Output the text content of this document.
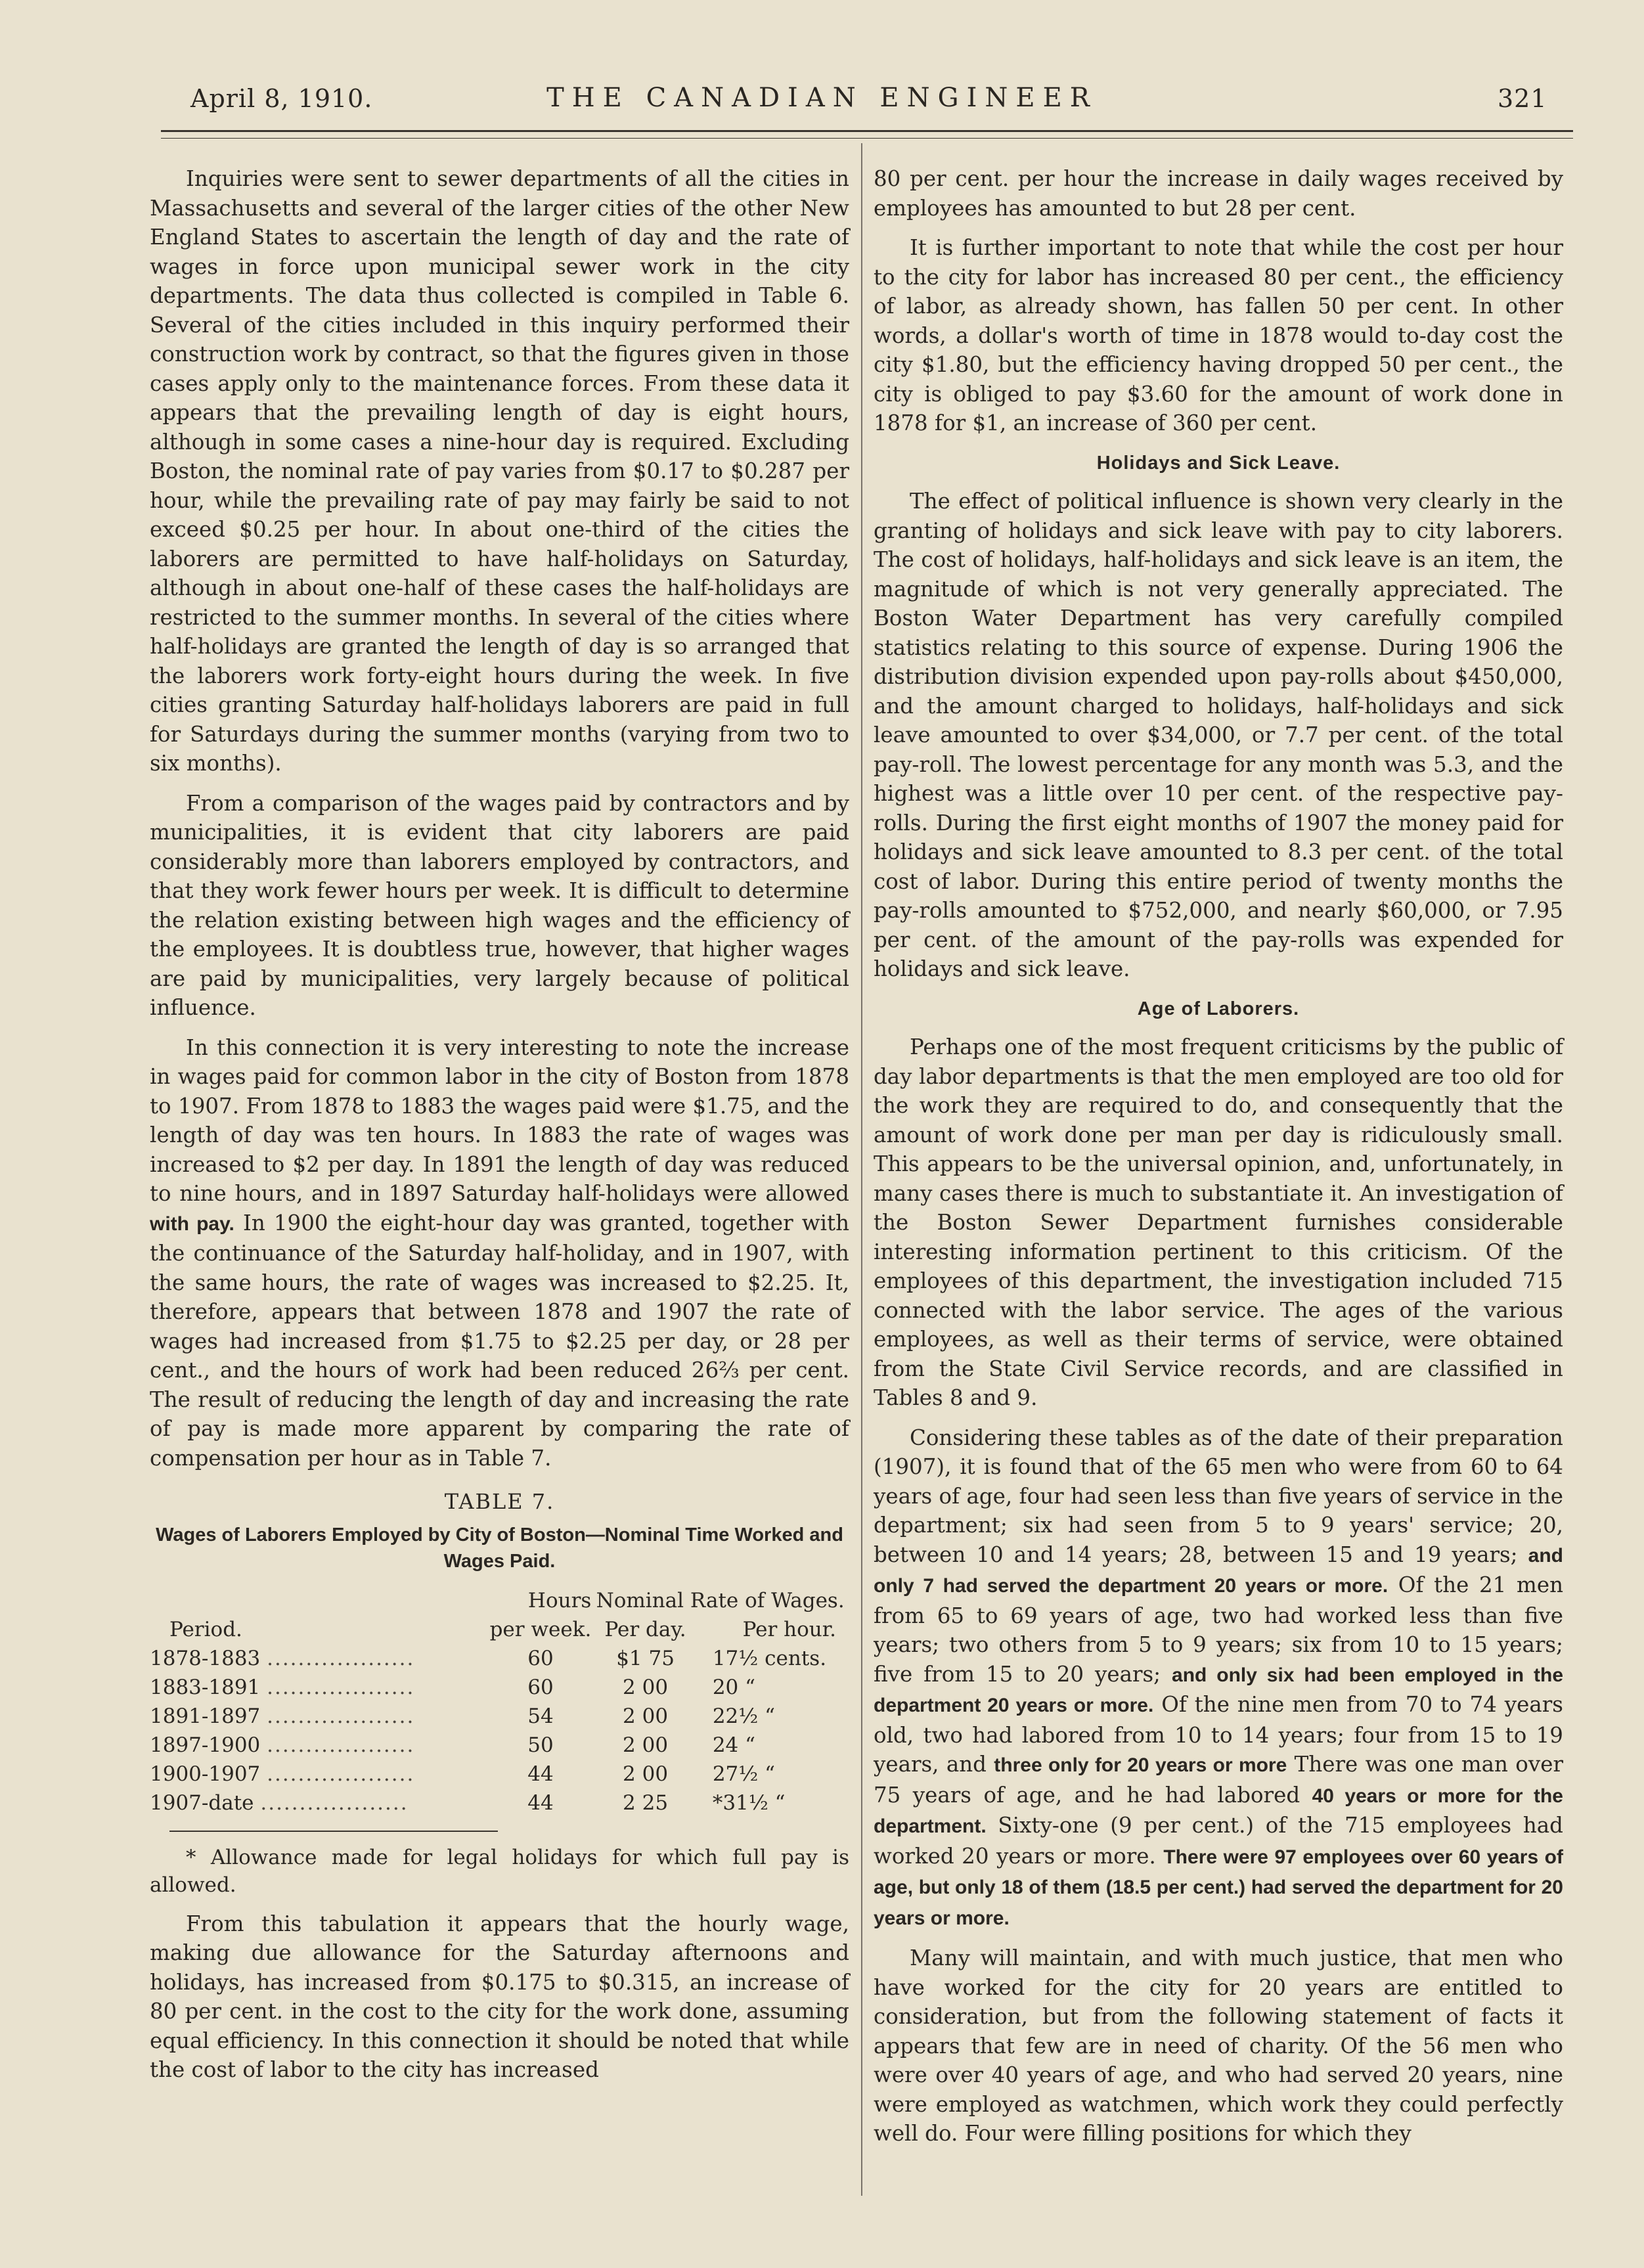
April 8, 1910.	THE CANADIAN ENGINEER	321

Inquiries were sent to sewer departments of all the cities in Massachusetts and several of the larger cities of the other New England States to ascertain the length of day and the rate of wages in force upon municipal sewer work in the city departments. The data thus collected is compiled in Table 6. Several of the cities included in this inquiry performed their construction work by contract, so that the figures given in those cases apply only to the maintenance forces. From these data it appears that the prevailing length of day is eight hours, although in some cases a nine-hour day is required. Excluding Boston, the nominal rate of pay varies from $0.17 to $0.287 per hour, while the prevailing rate of pay may fairly be said to not exceed $0.25 per hour. In about one-third of the cities the laborers are permitted to have half-holidays on Saturday, although in about one-half of these cases the half-holidays are restricted to the summer months. In several of the cities where half-holidays are granted the length of day is so arranged that the laborers work forty-eight hours during the week. In five cities granting Saturday half-holidays laborers are paid in full for Saturdays during the summer months (varying from two to six months).

From a comparison of the wages paid by contractors and by municipalities, it is evident that city laborers are paid considerably more than laborers employed by contractors, and that they work fewer hours per week. It is difficult to determine the relation existing between high wages and the efficiency of the employees. It is doubtless true, however, that higher wages are paid by municipalities, very largely because of political influence.

In this connection it is very interesting to note the increase in wages paid for common labor in the city of Boston from 1878 to 1907. From 1878 to 1883 the wages paid were $1.75, and the length of day was ten hours. In 1883 the rate of wages was increased to $2 per day. In 1891 the length of day was reduced to nine hours, and in 1897 Saturday half-holidays were allowed with pay. In 1900 the eight-hour day was granted, together with the continuance of the Saturday half-holiday, and in 1907, with the same hours, the rate of wages was increased to $2.25. It, therefore, appears that between 1878 and 1907 the rate of wages had increased from $1.75 to $2.25 per day, or 28 per cent., and the hours of work had been reduced 26⅔ per cent. The result of reducing the length of day and increasing the rate of pay is made more apparent by comparing the rate of compensation per hour as in Table 7.

TABLE 7.
Wages of Laborers Employed by City of Boston—Nominal Time Worked and Wages Paid.
	Hours	Nominal Rate of Wages.	
Period.	per week.	Per day.	Per hour.
1878-1883 ...................	60	$1 75	17½ cents.
1883-1891 ...................	60	2 00	20 “
1891-1897 ...................	54	2 00	22½ “
1897-1900 ...................	50	2 00	24 “
1900-1907 ...................	44	2 00	27½ “
1907-date ...................	44	2 25	*31½ “

* Allowance made for legal holidays for which full pay is allowed.

From this tabulation it appears that the hourly wage, making due allowance for the Saturday afternoons and holidays, has increased from $0.175 to $0.315, an increase of 80 per cent. in the cost to the city for the work done, assuming equal efficiency. In this connection it should be noted that while the cost of labor to the city has increased

80 per cent. per hour the increase in daily wages received by employees has amounted to but 28 per cent.

It is further important to note that while the cost per hour to the city for labor has increased 80 per cent., the efficiency of labor, as already shown, has fallen 50 per cent. In other words, a dollar's worth of time in 1878 would to-day cost the city $1.80, but the efficiency having dropped 50 per cent., the city is obliged to pay $3.60 for the amount of work done in 1878 for $1, an increase of 360 per cent.

Holidays and Sick Leave.

The effect of political influence is shown very clearly in the granting of holidays and sick leave with pay to city laborers. The cost of holidays, half-holidays and sick leave is an item, the magnitude of which is not very generally appreciated. The Boston Water Department has very carefully compiled statistics relating to this source of expense. During 1906 the distribution division expended upon pay-rolls about $450,000, and the amount charged to holidays, half-holidays and sick leave amounted to over $34,000, or 7.7 per cent. of the total pay-roll. The lowest percentage for any month was 5.3, and the highest was a little over 10 per cent. of the respective pay-rolls. During the first eight months of 1907 the money paid for holidays and sick leave amounted to 8.3 per cent. of the total cost of labor. During this entire period of twenty months the pay-rolls amounted to $752,000, and nearly $60,000, or 7.95 per cent. of the amount of the pay-rolls was expended for holidays and sick leave.

Age of Laborers.

Perhaps one of the most frequent criticisms by the public of day labor departments is that the men employed are too old for the work they are required to do, and consequently that the amount of work done per man per day is ridiculously small. This appears to be the universal opinion, and, unfortunately, in many cases there is much to substantiate it. An investigation of the Boston Sewer Department furnishes considerable interesting information pertinent to this criticism. Of the employees of this department, the investigation included 715 connected with the labor service. The ages of the various employees, as well as their terms of service, were obtained from the State Civil Service records, and are classified in Tables 8 and 9.

Considering these tables as of the date of their preparation (1907), it is found that of the 65 men who were from 60 to 64 years of age, four had seen less than five years of service in the department; six had seen from 5 to 9 years' service; 20, between 10 and 14 years; 28, between 15 and 19 years; and only 7 had served the department 20 years or more. Of the 21 men from 65 to 69 years of age, two had worked less than five years; two others from 5 to 9 years; six from 10 to 15 years; five from 15 to 20 years; and only six had been employed in the department 20 years or more. Of the nine men from 70 to 74 years old, two had labored from 10 to 14 years; four from 15 to 19 years, and three only for 20 years or more There was one man over 75 years of age, and he had labored 40 years or more for the department. Sixty-one (9 per cent.) of the 715 employees had worked 20 years or more. There were 97 employees over 60 years of age, but only 18 of them (18.5 per cent.) had served the department for 20 years or more.

Many will maintain, and with much justice, that men who have worked for the city for 20 years are entitled to consideration, but from the following statement of facts it appears that few are in need of charity. Of the 56 men who were over 40 years of age, and who had served 20 years, nine were employed as watchmen, which work they could perfectly well do. Four were filling positions for which they
